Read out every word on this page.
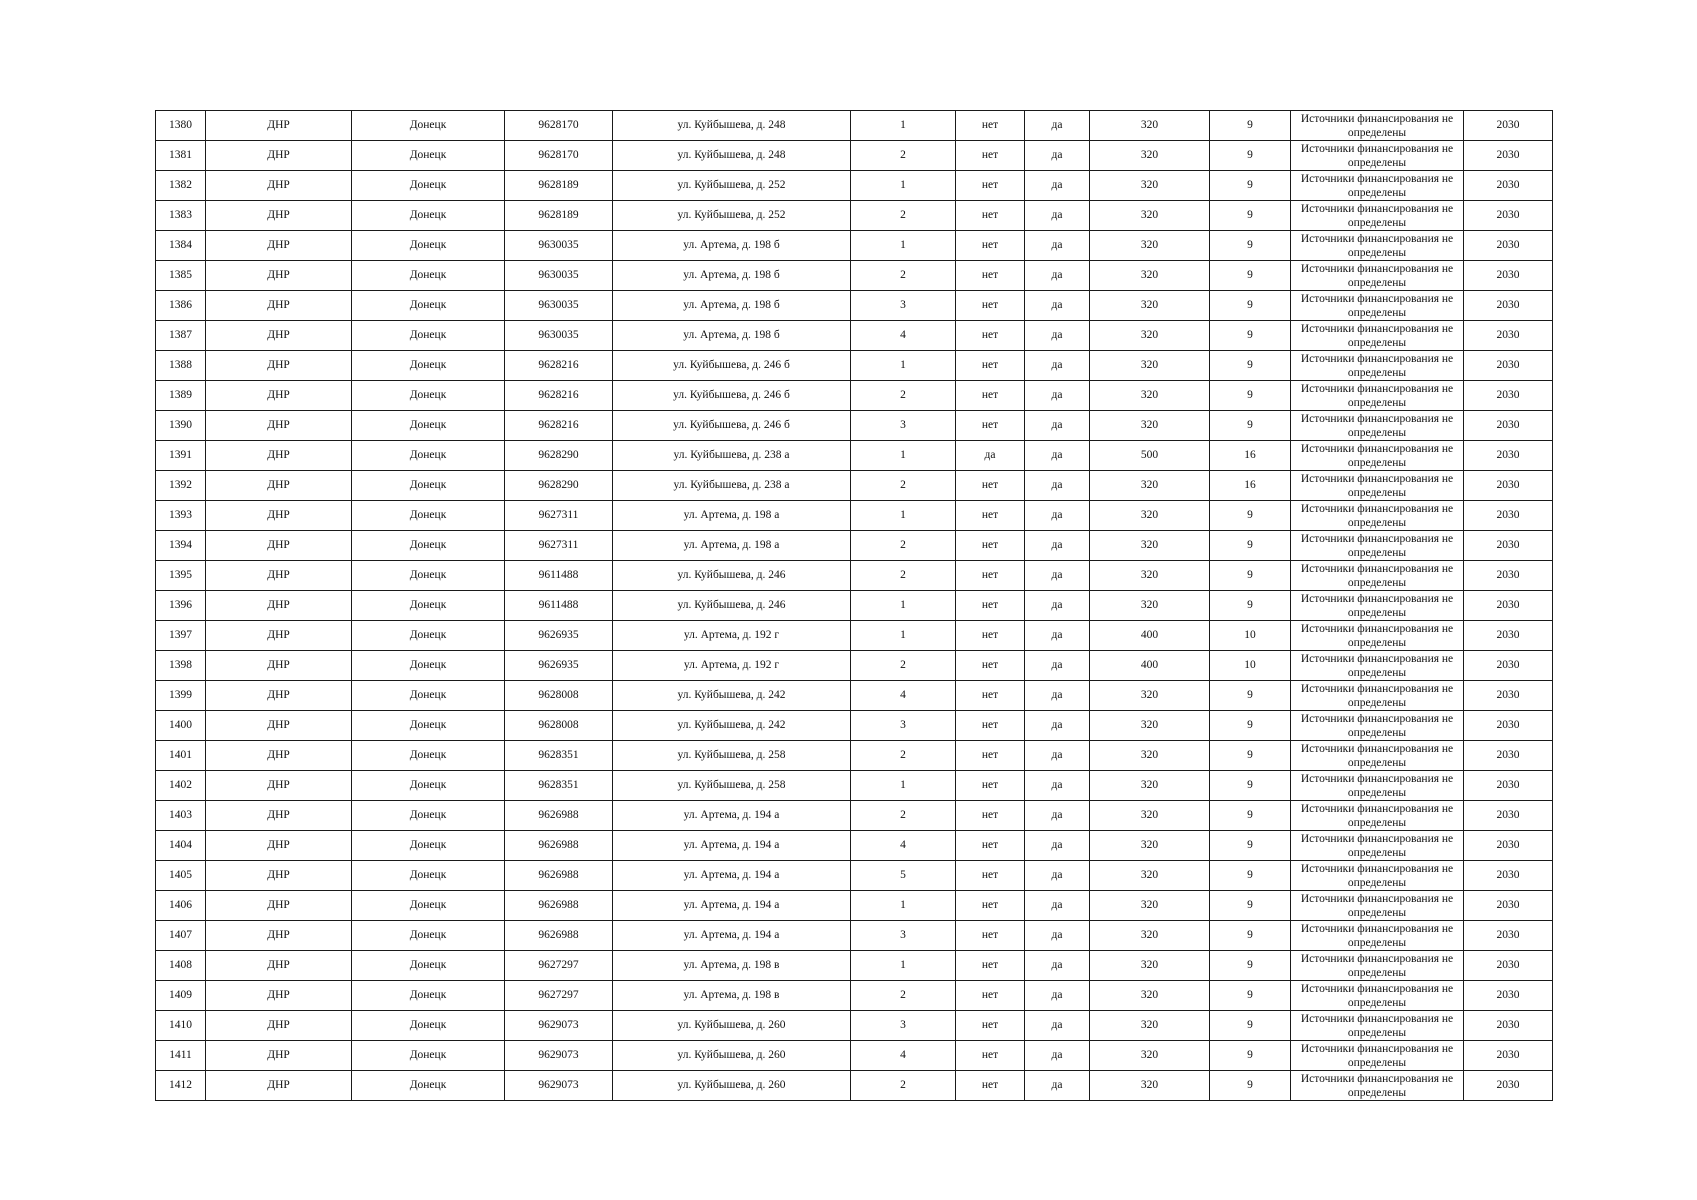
1380	ДНР	Донецк	9628170	ул. Куйбышева, д. 248	1	нет	да	320	9	Источники финансирования не определены	2030
1381	ДНР	Донецк	9628170	ул. Куйбышева, д. 248	2	нет	да	320	9	Источники финансирования не определены	2030
1382	ДНР	Донецк	9628189	ул. Куйбышева, д. 252	1	нет	да	320	9	Источники финансирования не определены	2030
1383	ДНР	Донецк	9628189	ул. Куйбышева, д. 252	2	нет	да	320	9	Источники финансирования не определены	2030
1384	ДНР	Донецк	9630035	ул. Артема, д. 198 б	1	нет	да	320	9	Источники финансирования не определены	2030
1385	ДНР	Донецк	9630035	ул. Артема, д. 198 б	2	нет	да	320	9	Источники финансирования не определены	2030
1386	ДНР	Донецк	9630035	ул. Артема, д. 198 б	3	нет	да	320	9	Источники финансирования не определены	2030
1387	ДНР	Донецк	9630035	ул. Артема, д. 198 б	4	нет	да	320	9	Источники финансирования не определены	2030
1388	ДНР	Донецк	9628216	ул. Куйбышева, д. 246 б	1	нет	да	320	9	Источники финансирования не определены	2030
1389	ДНР	Донецк	9628216	ул. Куйбышева, д. 246 б	2	нет	да	320	9	Источники финансирования не определены	2030
1390	ДНР	Донецк	9628216	ул. Куйбышева, д. 246 б	3	нет	да	320	9	Источники финансирования не определены	2030
1391	ДНР	Донецк	9628290	ул. Куйбышева, д. 238 а	1	да	да	500	16	Источники финансирования не определены	2030
1392	ДНР	Донецк	9628290	ул. Куйбышева, д. 238 а	2	нет	да	320	16	Источники финансирования не определены	2030
1393	ДНР	Донецк	9627311	ул. Артема, д. 198 а	1	нет	да	320	9	Источники финансирования не определены	2030
1394	ДНР	Донецк	9627311	ул. Артема, д. 198 а	2	нет	да	320	9	Источники финансирования не определены	2030
1395	ДНР	Донецк	9611488	ул. Куйбышева, д. 246	2	нет	да	320	9	Источники финансирования не определены	2030
1396	ДНР	Донецк	9611488	ул. Куйбышева, д. 246	1	нет	да	320	9	Источники финансирования не определены	2030
1397	ДНР	Донецк	9626935	ул. Артема, д. 192 г	1	нет	да	400	10	Источники финансирования не определены	2030
1398	ДНР	Донецк	9626935	ул. Артема, д. 192 г	2	нет	да	400	10	Источники финансирования не определены	2030
1399	ДНР	Донецк	9628008	ул. Куйбышева, д. 242	4	нет	да	320	9	Источники финансирования не определены	2030
1400	ДНР	Донецк	9628008	ул. Куйбышева, д. 242	3	нет	да	320	9	Источники финансирования не определены	2030
1401	ДНР	Донецк	9628351	ул. Куйбышева, д. 258	2	нет	да	320	9	Источники финансирования не определены	2030
1402	ДНР	Донецк	9628351	ул. Куйбышева, д. 258	1	нет	да	320	9	Источники финансирования не определены	2030
1403	ДНР	Донецк	9626988	ул. Артема, д. 194 а	2	нет	да	320	9	Источники финансирования не определены	2030
1404	ДНР	Донецк	9626988	ул. Артема, д. 194 а	4	нет	да	320	9	Источники финансирования не определены	2030
1405	ДНР	Донецк	9626988	ул. Артема, д. 194 а	5	нет	да	320	9	Источники финансирования не определены	2030
1406	ДНР	Донецк	9626988	ул. Артема, д. 194 а	1	нет	да	320	9	Источники финансирования не определены	2030
1407	ДНР	Донецк	9626988	ул. Артема, д. 194 а	3	нет	да	320	9	Источники финансирования не определены	2030
1408	ДНР	Донецк	9627297	ул. Артема, д. 198 в	1	нет	да	320	9	Источники финансирования не определены	2030
1409	ДНР	Донецк	9627297	ул. Артема, д. 198 в	2	нет	да	320	9	Источники финансирования не определены	2030
1410	ДНР	Донецк	9629073	ул. Куйбышева, д. 260	3	нет	да	320	9	Источники финансирования не определены	2030
1411	ДНР	Донецк	9629073	ул. Куйбышева, д. 260	4	нет	да	320	9	Источники финансирования не определены	2030
1412	ДНР	Донецк	9629073	ул. Куйбышева, д. 260	2	нет	да	320	9	Источники финансирования не определены	2030
